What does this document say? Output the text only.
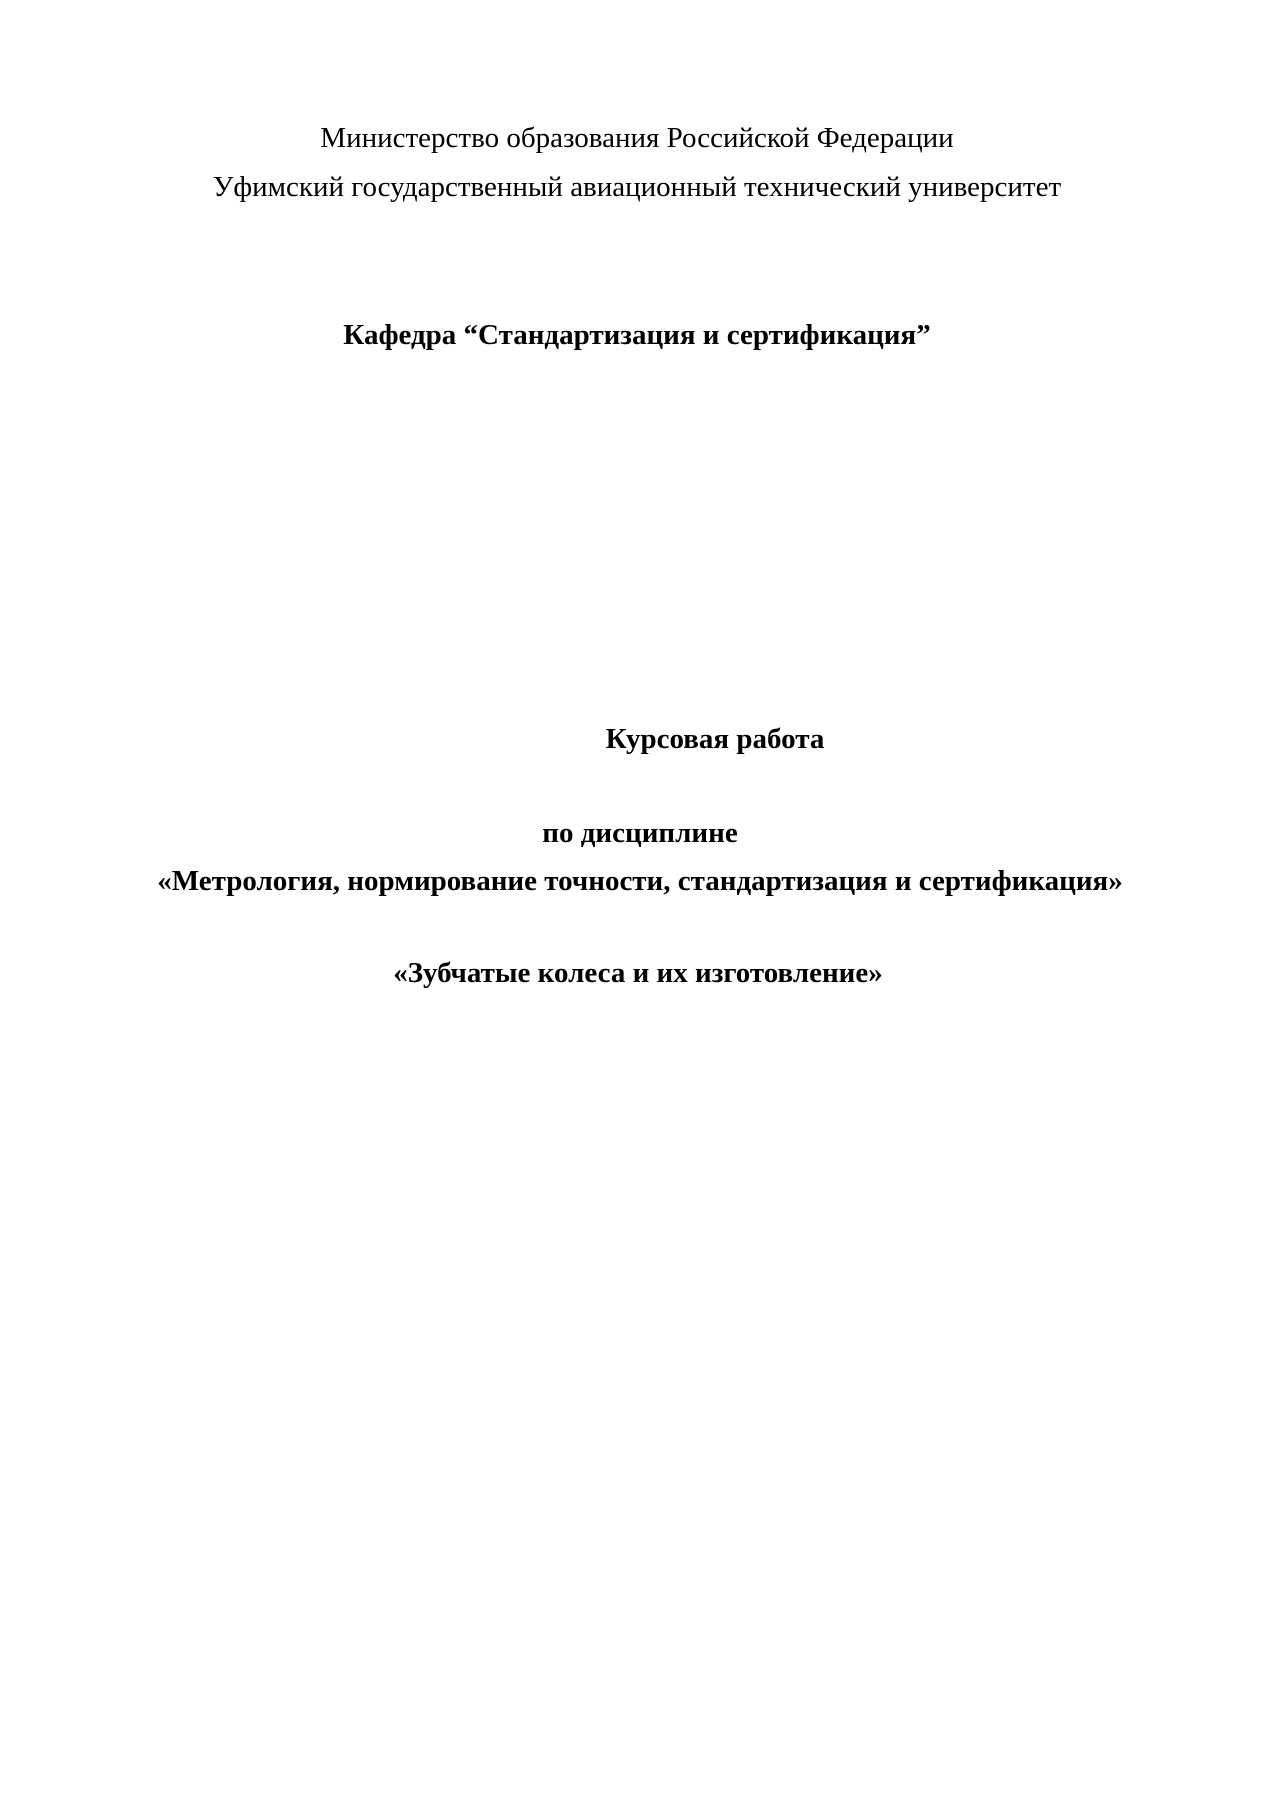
Министерство образования Российской Федерации
Уфимский государственный авиационный технический университет
Кафедра “Стандартизация и сертификация”
Курсовая работа
по дисциплине
«Метрология, нормирование точности, стандартизация и сертификация»
«Зубчатые колеса и их изготовление»
